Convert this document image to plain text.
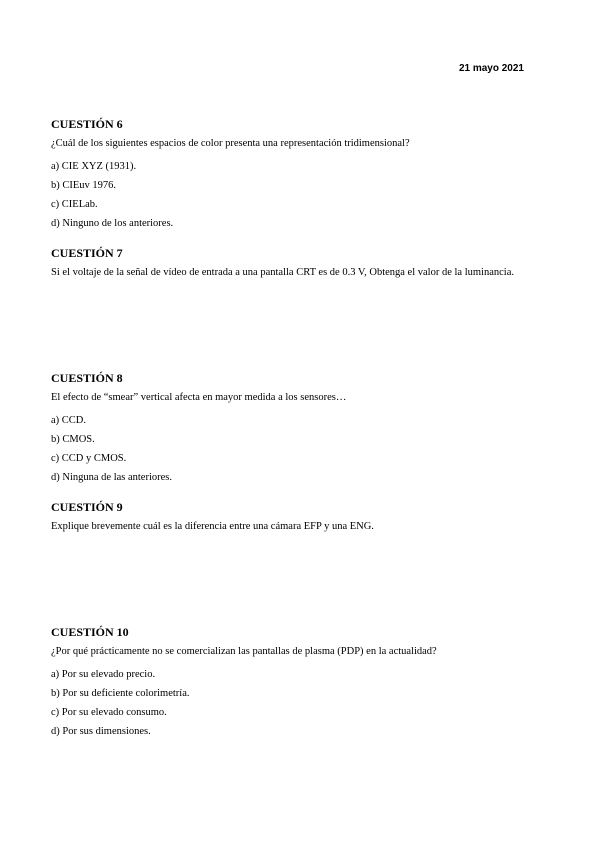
21 mayo 2021

CUESTIÓN 6

¿Cuál de los siguientes espacios de color presenta una representación tridimensional?

a) CIE XYZ (1931).
b) CIEuv 1976.
c) CIELab.
d) Ninguno de los anteriores.

CUESTIÓN 7

Si el voltaje de la señal de vídeo de entrada a una pantalla CRT es de 0.3 V, Obtenga el valor de la luminancia.

CUESTIÓN 8

El efecto de “smear” vertical afecta en mayor medida a los sensores…

a) CCD.
b) CMOS.
c) CCD y CMOS.
d) Ninguna de las anteriores.

CUESTIÓN 9

Explique brevemente cuál es la diferencia entre una cámara EFP y una ENG.

CUESTIÓN 10

¿Por qué prácticamente no se comercializan las pantallas de plasma (PDP) en la actualidad?

a) Por su elevado precio.
b) Por su deficiente colorimetría.
c) Por su elevado consumo.
d) Por sus dimensiones.
